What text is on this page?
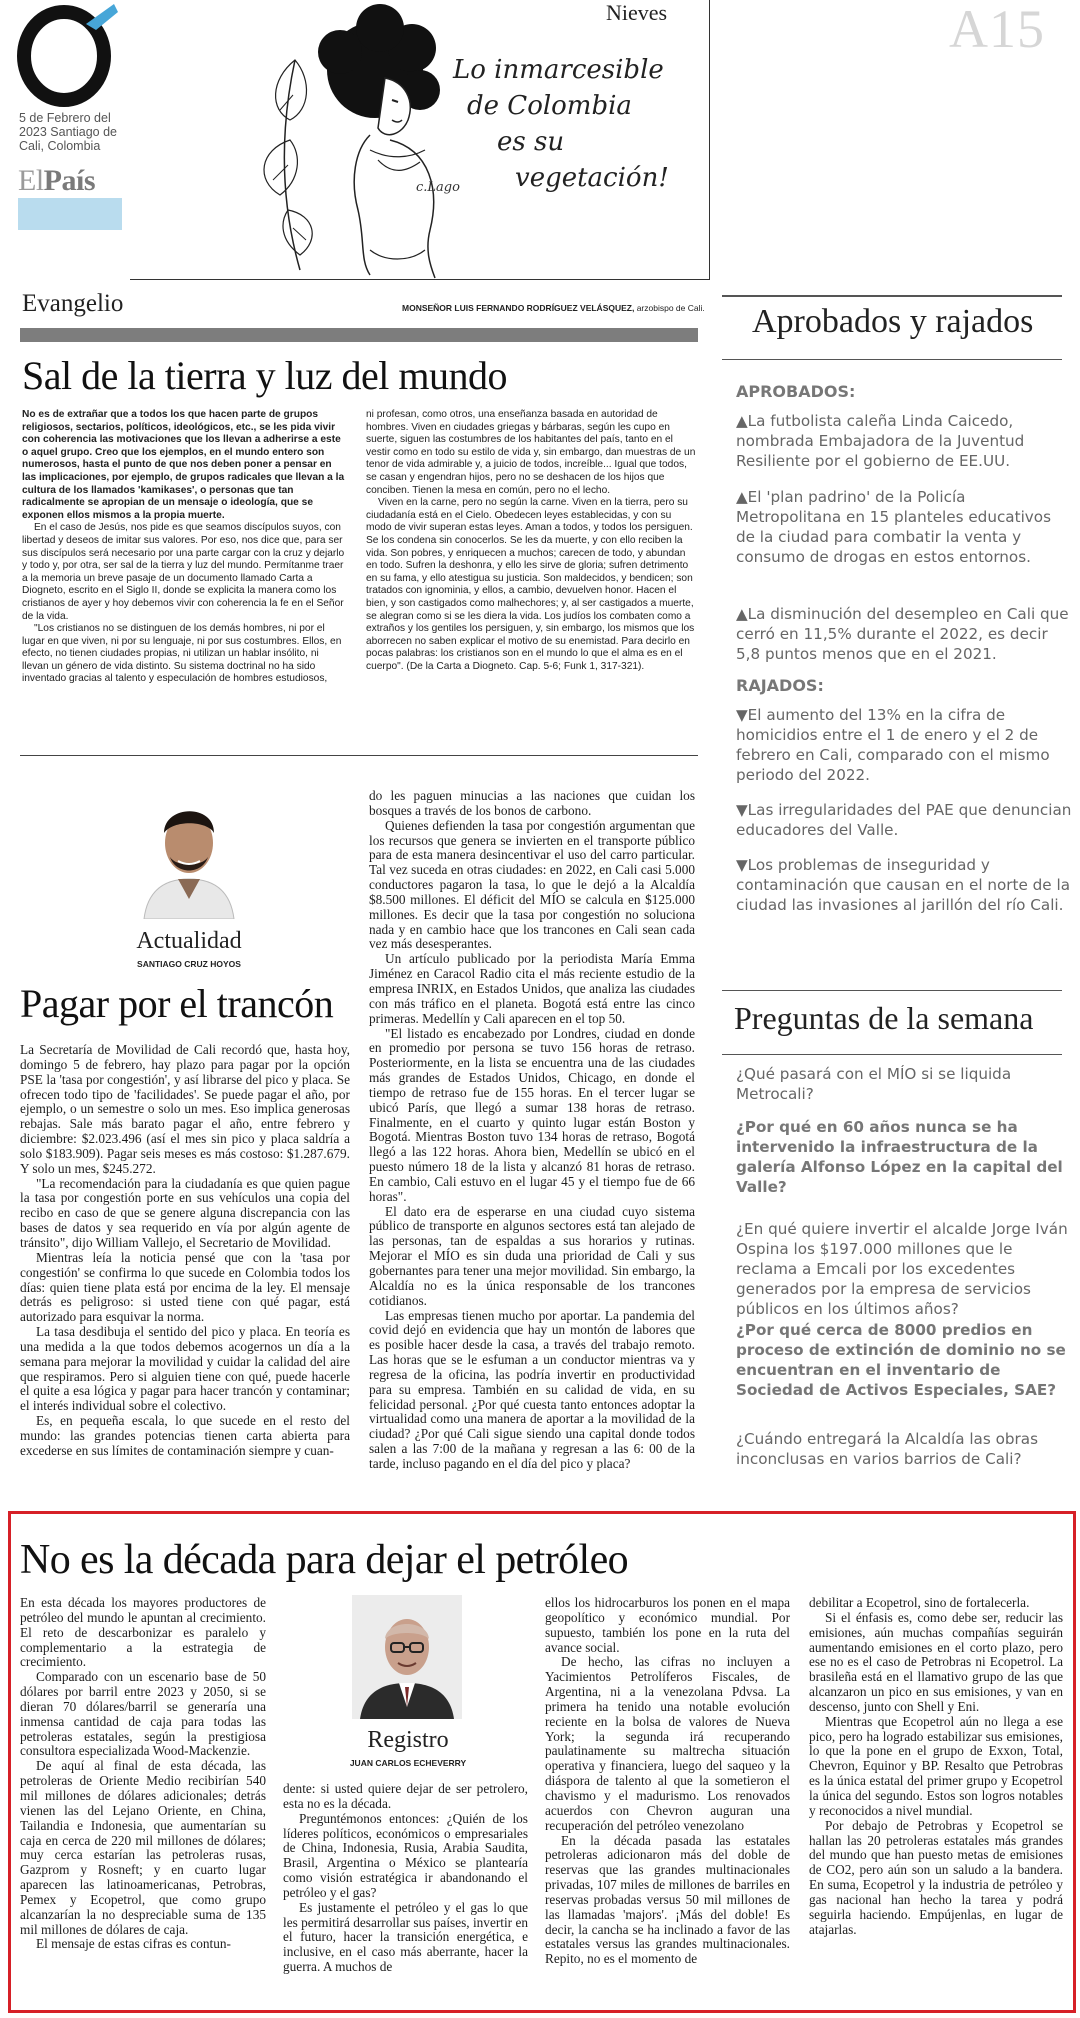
5 de Febrero del 2023 Santiago de Cali, Colombia
ElPaís
Nieves	A15
Lo inmarcesible
de Colombia
es su
vegetación!
c.Lago
Evangelio	MONSEÑOR LUIS FERNANDO RODRÍGUEZ VELÁSQUEZ, arzobispo de Cali.
Sal de la tierra y luz del mundo

No es de extrañar que a todos los que hacen parte de grupos religiosos, sectarios, políticos, ideológicos, etc., se les pida vivir con coherencia las motivaciones que los llevan a adherirse a este o aquel grupo. Creo que los ejemplos, en el mundo entero son numerosos, hasta el punto de que nos deben poner a pensar en las implicaciones, por ejemplo, de grupos radicales que llevan a la cultura de los llamados 'kamikases', o personas que tan radicalmente se apropian de un mensaje o ideología, que se exponen ellos mismos a la propia muerte.

En el caso de Jesús, nos pide es que seamos discípulos suyos, con libertad y deseos de imitar sus valores. Por eso, nos dice que, para ser sus discípulos será necesario por una parte cargar con la cruz y dejarlo y todo y, por otra, ser sal de la tierra y luz del mundo. Permítanme traer a la memoria un breve pasaje de un documento llamado Carta a Diogneto, escrito en el Siglo II, donde se explicita la manera como los cristianos de ayer y hoy debemos vivir con coherencia la fe en el Señor de la vida.

"Los cristianos no se distinguen de los demás hombres, ni por el lugar en que viven, ni por su lenguaje, ni por sus costumbres. Ellos, en efecto, no tienen ciudades propias, ni utilizan un hablar insólito, ni llevan un género de vida distinto. Su sistema doctrinal no ha sido inventado gracias al talento y especulación de hombres estudiosos,

ni profesan, como otros, una enseñanza basada en autoridad de hombres. Viven en ciudades griegas y bárbaras, según les cupo en suerte, siguen las costumbres de los habitantes del país, tanto en el vestir como en todo su estilo de vida y, sin embargo, dan muestras de un tenor de vida admirable y, a juicio de todos, increíble... Igual que todos, se casan y engendran hijos, pero no se deshacen de los hijos que conciben. Tienen la mesa en común, pero no el lecho.

Viven en la carne, pero no según la carne. Viven en la tierra, pero su ciudadanía está en el Cielo. Obedecen leyes establecidas, y con su modo de vivir superan estas leyes. Aman a todos, y todos los persiguen. Se los condena sin conocerlos. Se les da muerte, y con ello reciben la vida. Son pobres, y enriquecen a muchos; carecen de todo, y abundan en todo. Sufren la deshonra, y ello les sirve de gloria; sufren detrimento en su fama, y ello atestigua su justicia. Son maldecidos, y bendicen; son tratados con ignominia, y ellos, a cambio, devuelven honor. Hacen el bien, y son castigados como malhechores; y, al ser castigados a muerte, se alegran como si se les diera la vida. Los judíos los combaten como a extraños y los gentiles los persiguen, y, sin embargo, los mismos que los aborrecen no saben explicar el motivo de su enemistad. Para decirlo en pocas palabras: los cristianos son en el mundo lo que el alma es en el cuerpo". (De la Carta a Diogneto. Cap. 5-6; Funk 1, 317-321).

Aprobados y rajados
APROBADOS:
▲La futbolista caleña Linda Caicedo, nombrada Embajadora de la Juventud Resiliente por el gobierno de EE.UU.
▲El 'plan padrino' de la Policía Metropolitana en 15 planteles educativos de la ciudad para combatir la venta y consumo de drogas en estos entornos.
▲La disminución del desempleo en Cali que cerró en 11,5% durante el 2022, es decir 5,8 puntos menos que en el 2021.
RAJADOS:
▼El aumento del 13% en la cifra de homicidios entre el 1 de enero y el 2 de febrero en Cali, comparado con el mismo periodo del 2022.
▼Las irregularidades del PAE que denuncian educadores del Valle.
▼Los problemas de inseguridad y contaminación que causan en el norte de la ciudad las invasiones al jarillón del río Cali.
Preguntas de la semana
¿Qué pasará con el MÍO si se liquida Metrocali?
¿Por qué en 60 años nunca se ha intervenido la infraestructura de la galería Alfonso López en la capital del Valle?
¿En qué quiere invertir el alcalde Jorge Iván Ospina los $197.000 millones que le reclama a Emcali por los excedentes generados por la empresa de servicios públicos en los últimos años?
¿Por qué cerca de 8000 predios en proceso de extinción de dominio no se encuentran en el inventario de Sociedad de Activos Especiales, SAE?
¿Cuándo entregará la Alcaldía las obras inconclusas en varios barrios de Cali?
Actualidad
SANTIAGO CRUZ HOYOS
Pagar por el trancón

La Secretaría de Movilidad de Cali recordó que, hasta hoy, domingo 5 de febrero, hay plazo para pagar por la opción PSE la 'tasa por congestión', y así librarse del pico y placa. Se ofrecen todo tipo de 'facilidades'. Se puede pagar el año, por ejemplo, o un semestre o solo un mes. Eso implica generosas rebajas. Sale más barato pagar el año, entre febrero y diciembre: $2.023.496 (así el mes sin pico y placa saldría a solo $183.909). Pagar seis meses es más costoso: $1.287.679. Y solo un mes, $245.272.

"La recomendación para la ciudadanía es que quien pague la tasa por congestión porte en sus vehículos una copia del recibo en caso de que se genere alguna discrepancia con las bases de datos y sea requerido en vía por algún agente de tránsito", dijo William Vallejo, el Secretario de Movilidad.

Mientras leía la noticia pensé que con la 'tasa por congestión' se confirma lo que sucede en Colombia todos los días: quien tiene plata está por encima de la ley. El mensaje detrás es peligroso: si usted tiene con qué pagar, está autorizado para esquivar la norma.

La tasa desdibuja el sentido del pico y placa. En teoría es una medida a la que todos debemos acogernos un día a la semana para mejorar la movilidad y cuidar la calidad del aire que respiramos. Pero si alguien tiene con qué, puede hacerle el quite a esa lógica y pagar para hacer trancón y contaminar; el interés individual sobre el colectivo.

Es, en pequeña escala, lo que sucede en el resto del mundo: las grandes potencias tienen carta abierta para excederse en sus límites de contaminación siempre y cuan-

do les paguen minucias a las naciones que cuidan los bosques a través de los bonos de carbono.

Quienes defienden la tasa por congestión argumentan que los recursos que genera se invierten en el transporte público para de esta manera desincentivar el uso del carro particular. Tal vez suceda en otras ciudades: en 2022, en Cali casi 5.000 conductores pagaron la tasa, lo que le dejó a la Alcaldía $8.500 millones. El déficit del MÍO se calcula en $125.000 millones. Es decir que la tasa por congestión no soluciona nada y en cambio hace que los trancones en Cali sean cada vez más desesperantes.

Un artículo publicado por la periodista María Emma Jiménez en Caracol Radio cita el más reciente estudio de la empresa INRIX, en Estados Unidos, que analiza las ciudades con más tráfico en el planeta. Bogotá está entre las cinco primeras. Medellín y Cali aparecen en el top 50.

"El listado es encabezado por Londres, ciudad en donde en promedio por persona se tuvo 156 horas de retraso. Posteriormente, en la lista se encuentra una de las ciudades más grandes de Estados Unidos, Chicago, en donde el tiempo de retraso fue de 155 horas. En el tercer lugar se ubicó París, que llegó a sumar 138 horas de retraso. Finalmente, en el cuarto y quinto lugar están Boston y Bogotá. Mientras Boston tuvo 134 horas de retraso, Bogotá llegó a las 122 horas. Ahora bien, Medellín se ubicó en el puesto número 18 de la lista y alcanzó 81 horas de retraso. En cambio, Cali estuvo en el lugar 45 y el tiempo fue de 66 horas".

El dato era de esperarse en una ciudad cuyo sistema público de transporte en algunos sectores está tan alejado de las personas, tan de espaldas a sus horarios y rutinas. Mejorar el MÍO es sin duda una prioridad de Cali y sus gobernantes para tener una mejor movilidad. Sin embargo, la Alcaldía no es la única responsable de los trancones cotidianos.

Las empresas tienen mucho por aportar. La pandemia del covid dejó en evidencia que hay un montón de labores que es posible hacer desde la casa, a través del trabajo remoto. Las horas que se le esfuman a un conductor mientras va y regresa de la oficina, las podría invertir en productividad para su empresa. También en su calidad de vida, en su felicidad personal. ¿Por qué cuesta tanto entonces adoptar la virtualidad como una manera de aportar a la movilidad de la ciudad? ¿Por qué Cali sigue siendo una capital donde todos salen a las 7:00 de la mañana y regresan a las 6: 00 de la tarde, incluso pagando en el día del pico y placa?

No es la década para dejar el petróleo

En esta década los mayores productores de petróleo del mundo le apuntan al crecimiento. El reto de descarbonizar es paralelo y complementario a la estrategia de crecimiento.

Comparado con un escenario base de 50 dólares por barril entre 2023 y 2050, si se dieran 70 dólares/barril se generaría una inmensa cantidad de caja para todas las petroleras estatales, según la prestigiosa consultora especializada Wood-Mackenzie.

De aquí al final de esta década, las petroleras de Oriente Medio recibirían 540 mil millones de dólares adicionales; detrás vienen las del Lejano Oriente, en China, Tailandia e Indonesia, que aumentarían su caja en cerca de 220 mil millones de dólares; muy cerca estarían las petroleras rusas, Gazprom y Rosneft; y en cuarto lugar aparecen las latinoamericanas, Petrobras, Pemex y Ecopetrol, que como grupo alcanzarían la no despreciable suma de 135 mil millones de dólares de caja.

El mensaje de estas cifras es contun-

Registro
JUAN CARLOS ECHEVERRY

dente: si usted quiere dejar de ser petrolero, esta no es la década.

Preguntémonos entonces: ¿Quién de los líderes políticos, económicos o empresariales de China, Indonesia, Rusia, Arabia Saudita, Brasil, Argentina o México se plantearía como visión estratégica ir abandonando el petróleo y el gas?

Es justamente el petróleo y el gas lo que les permitirá desarrollar sus países, invertir en el futuro, hacer la transición energética, e inclusive, en el caso más aberrante, hacer la guerra. A muchos de

ellos los hidrocarburos los ponen en el mapa geopolítico y económico mundial. Por supuesto, también los pone en la ruta del avance social.

De hecho, las cifras no incluyen a Yacimientos Petrolíferos Fiscales, de Argentina, ni a la venezolana Pdvsa. La primera ha tenido una notable evolución reciente en la bolsa de valores de Nueva York; la segunda irá recuperando paulatinamente su maltrecha situación operativa y financiera, luego del saqueo y la diáspora de talento al que la sometieron el chavismo y el madurismo. Los renovados acuerdos con Chevron auguran una recuperación del petróleo venezolano

En la década pasada las estatales petroleras adicionaron más del doble de reservas que las grandes multinacionales privadas, 107 miles de millones de barriles en reservas probadas versus 50 mil millones de las llamadas 'majors'. ¡Más del doble! Es decir, la cancha se ha inclinado a favor de las estatales versus las grandes multinacionales. Repito, no es el momento de

debilitar a Ecopetrol, sino de fortalecerla.

Si el énfasis es, como debe ser, reducir las emisiones, aún muchas compañías seguirán aumentando emisiones en el corto plazo, pero ese no es el caso de Petrobras ni Ecopetrol. La brasileña está en el llamativo grupo de las que alcanzaron un pico en sus emisiones, y van en descenso, junto con Shell y Eni.

Mientras que Ecopetrol aún no llega a ese pico, pero ha logrado estabilizar sus emisiones, lo que la pone en el grupo de Exxon, Total, Chevron, Equinor y BP. Resalto que Petrobras es la única estatal del primer grupo y Ecopetrol la única del segundo. Estos son logros notables y reconocidos a nivel mundial.

Por debajo de Petrobras y Ecopetrol se hallan las 20 petroleras estatales más grandes del mundo que han puesto metas de emisiones de CO2, pero aún son un saludo a la bandera. En suma, Ecopetrol y la industria de petróleo y gas nacional han hecho la tarea y podrá seguirla haciendo. Empújenlas, en lugar de atajarlas.
